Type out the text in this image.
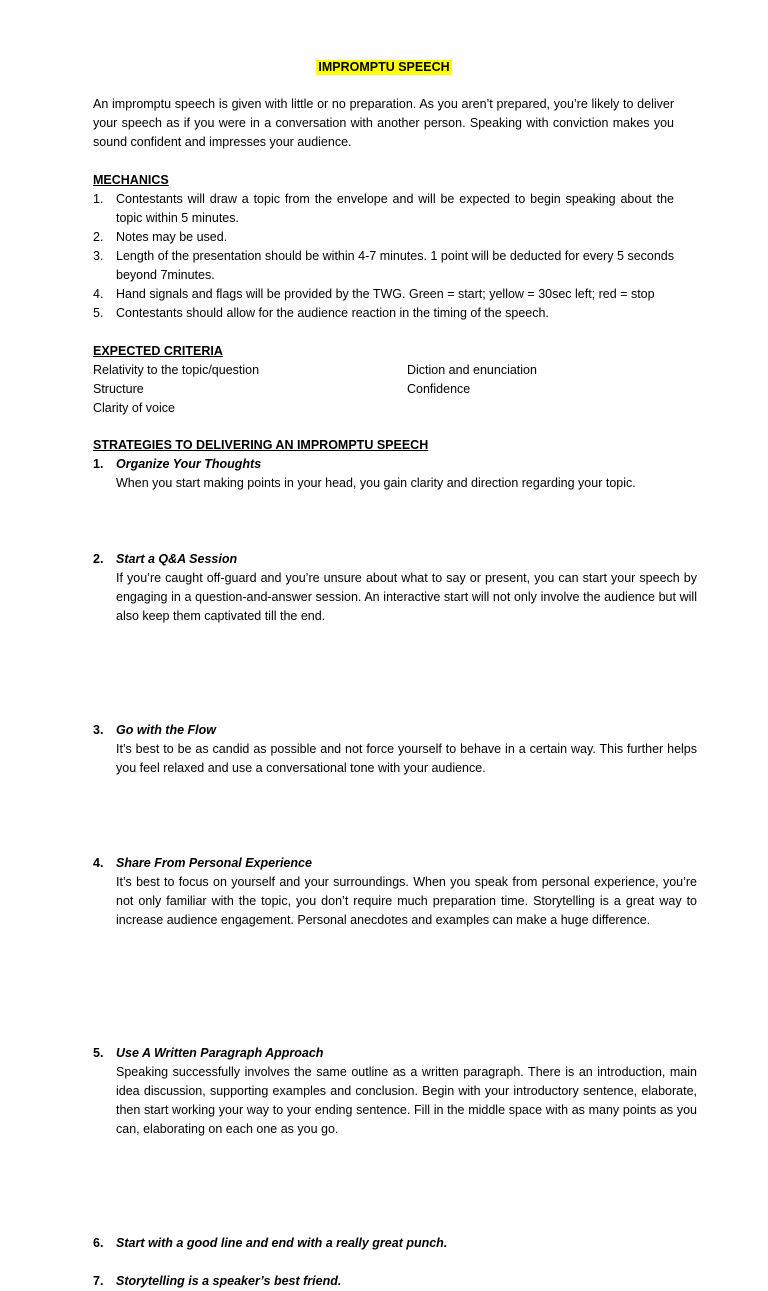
IMPROMPTU SPEECH
An impromptu speech is given with little or no preparation. As you aren’t prepared, you’re likely to deliver your speech as if you were in a conversation with another person. Speaking with conviction makes you sound confident and impresses your audience.
MECHANICS
1. Contestants will draw a topic from the envelope and will be expected to begin speaking about the topic within 5 minutes.
2. Notes may be used.
3. Length of the presentation should be within 4-7 minutes. 1 point will be deducted for every 5 seconds beyond 7minutes.
4. Hand signals and flags will be provided by the TWG. Green = start; yellow = 30sec left; red = stop
5. Contestants should allow for the audience reaction in the timing of the speech.
EXPECTED CRITERIA
Relativity to the topic/question
Structure
Clarity of voice
Diction and enunciation
Confidence
STRATEGIES TO DELIVERING AN IMPROMPTU SPEECH
1. Organize Your Thoughts
When you start making points in your head, you gain clarity and direction regarding your topic.
2. Start a Q&A Session
If you’re caught off-guard and you’re unsure about what to say or present, you can start your speech by engaging in a question-and-answer session. An interactive start will not only involve the audience but will also keep them captivated till the end.
3. Go with the Flow
It’s best to be as candid as possible and not force yourself to behave in a certain way. This further helps you feel relaxed and use a conversational tone with your audience.
4. Share From Personal Experience
It’s best to focus on yourself and your surroundings. When you speak from personal experience, you’re not only familiar with the topic, you don’t require much preparation time. Storytelling is a great way to increase audience engagement. Personal anecdotes and examples can make a huge difference.
5. Use A Written Paragraph Approach
Speaking successfully involves the same outline as a written paragraph. There is an introduction, main idea discussion, supporting examples and conclusion. Begin with your introductory sentence, elaborate, then start working your way to your ending sentence. Fill in the middle space with as many points as you can, elaborating on each one as you go.
6. Start with a good line and end with a really great punch.
7. Storytelling is a speaker’s best friend.
